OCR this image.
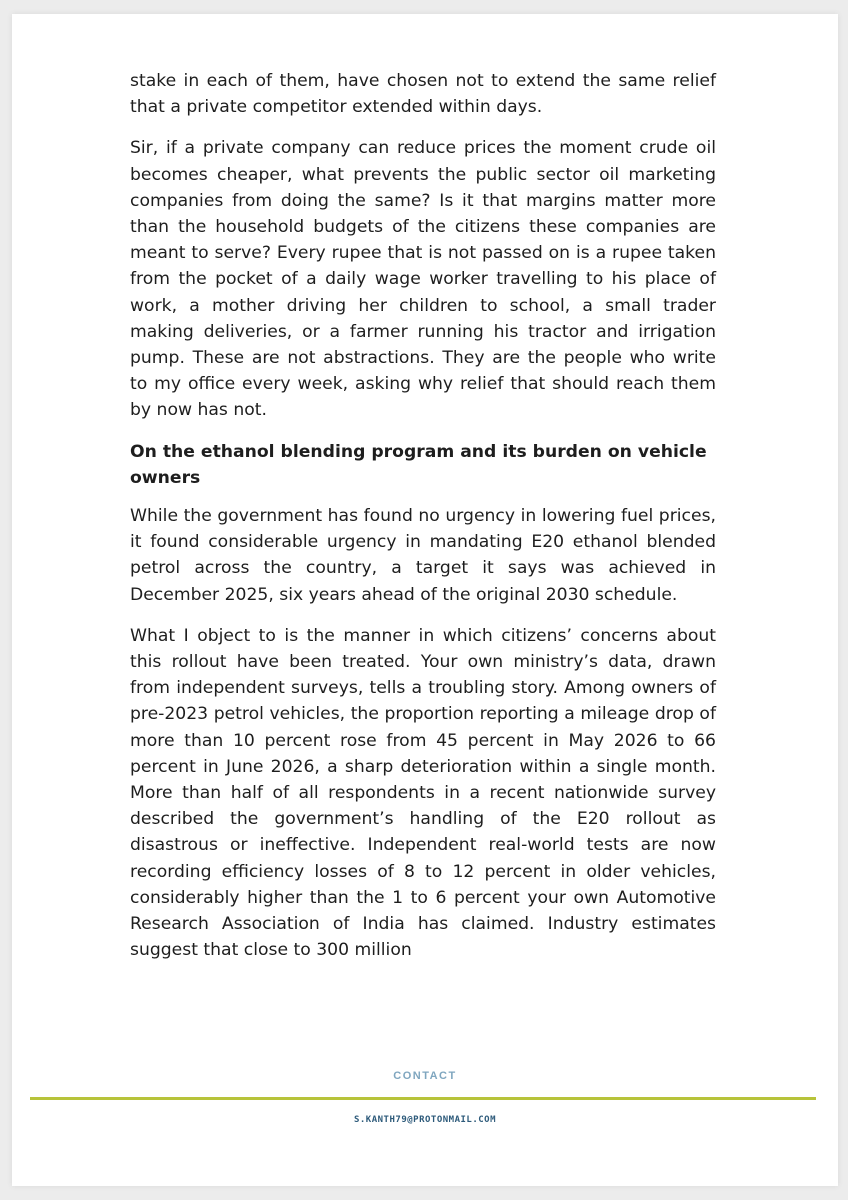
stake in each of them, have chosen not to extend the same relief that a private competitor extended within days.

Sir, if a private company can reduce prices the moment crude oil becomes cheaper, what prevents the public sector oil marketing companies from doing the same? Is it that margins matter more than the household budgets of the citizens these companies are meant to serve? Every rupee that is not passed on is a rupee taken from the pocket of a daily wage worker travelling to his place of work, a mother driving her children to school, a small trader making deliveries, or a farmer running his tractor and irrigation pump. These are not abstractions. They are the people who write to my office every week, asking why relief that should reach them by now has not.

On the ethanol blending program and its burden on vehicle owners

While the government has found no urgency in lowering fuel prices, it found considerable urgency in mandating E20 ethanol blended petrol across the country, a target it says was achieved in December 2025, six years ahead of the original 2030 schedule.

What I object to is the manner in which citizens’ concerns about this rollout have been treated. Your own ministry’s data, drawn from independent surveys, tells a troubling story. Among owners of pre-2023 petrol vehicles, the proportion reporting a mileage drop of more than 10 percent rose from 45 percent in May 2026 to 66 percent in June 2026, a sharp deterioration within a single month. More than half of all respondents in a recent nationwide survey described the government’s handling of the E20 rollout as disastrous or ineffective. Independent real-world tests are now recording efficiency losses of 8 to 12 percent in older vehicles, considerably higher than the 1 to 6 percent your own Automotive Research Association of India has claimed. Industry estimates suggest that close to 300 million

CONTACT
S.KANTH79@PROTONMAIL.COM
